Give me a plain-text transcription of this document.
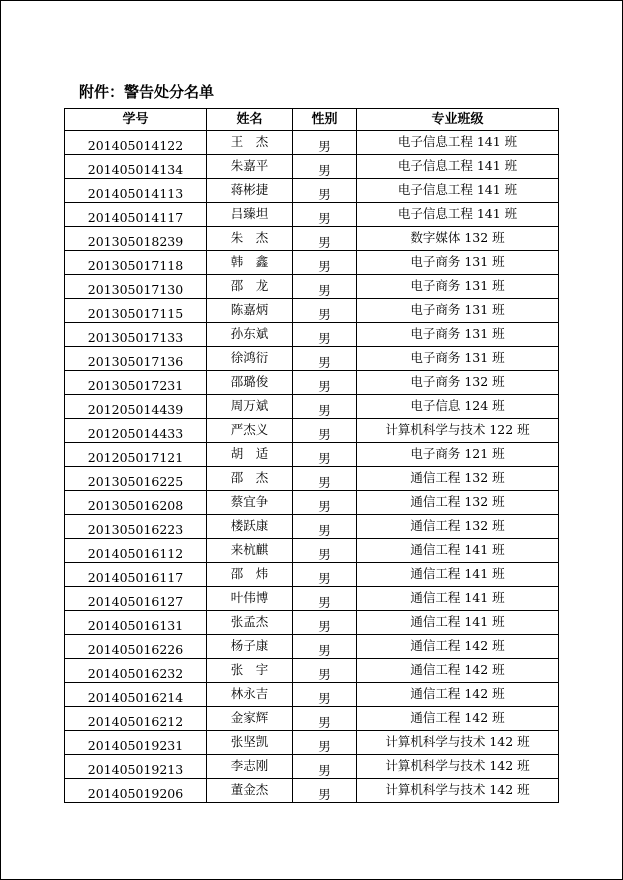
附件：警告处分名单
学号	姓名	性别	专业班级
201405014122	王　杰	男	电子信息工程 141 班
201405014134	朱嘉平	男	电子信息工程 141 班
201405014113	蒋彬捷	男	电子信息工程 141 班
201405014117	吕臻坦	男	电子信息工程 141 班
201305018239	朱　杰	男	数字媒体 132 班
201305017118	韩　鑫	男	电子商务 131 班
201305017130	邵　龙	男	电子商务 131 班
201305017115	陈嘉炳	男	电子商务 131 班
201305017133	孙东斌	男	电子商务 131 班
201305017136	徐鸿衍	男	电子商务 131 班
201305017231	邵璐俊	男	电子商务 132 班
201205014439	周万斌	男	电子信息 124 班
201205014433	严杰义	男	计算机科学与技术 122 班
201205017121	胡　适	男	电子商务 121 班
201305016225	邵　杰	男	通信工程 132 班
201305016208	蔡宜争	男	通信工程 132 班
201305016223	楼跃康	男	通信工程 132 班
201405016112	来杭麒	男	通信工程 141 班
201405016117	邵　炜	男	通信工程 141 班
201405016127	叶伟博	男	通信工程 141 班
201405016131	张孟杰	男	通信工程 141 班
201405016226	杨子康	男	通信工程 142 班
201405016232	张　宇	男	通信工程 142 班
201405016214	林永吉	男	通信工程 142 班
201405016212	金家辉	男	通信工程 142 班
201405019231	张坚凯	男	计算机科学与技术 142 班
201405019213	李志刚	男	计算机科学与技术 142 班
201405019206	董金杰	男	计算机科学与技术 142 班
